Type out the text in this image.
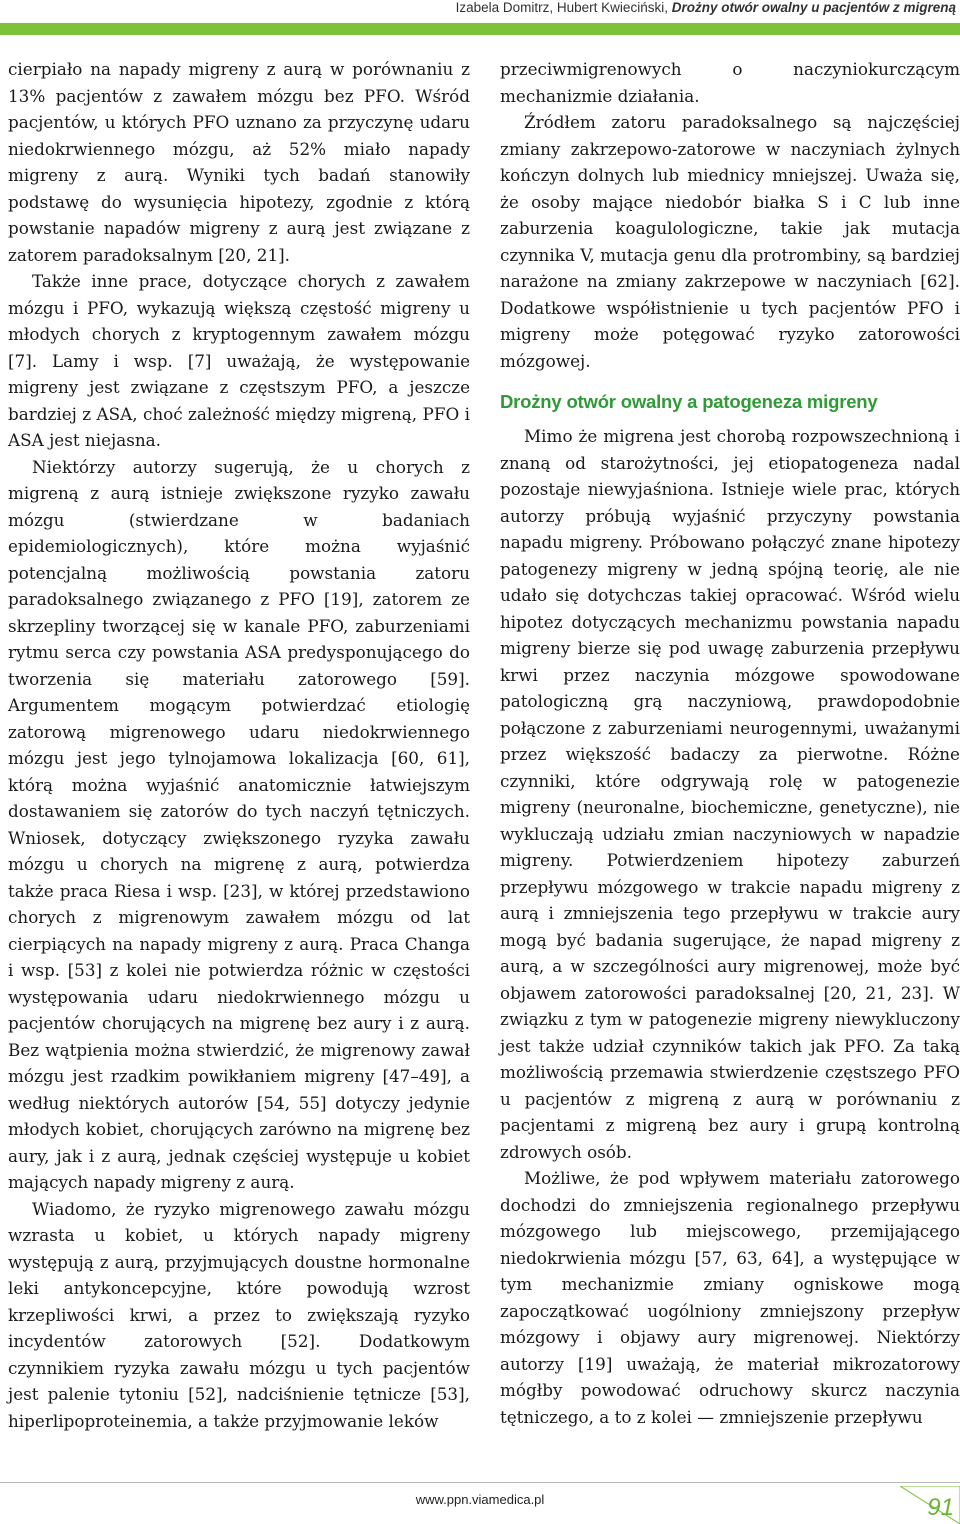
Izabela Domitrz, Hubert Kwieciński, Drożny otwór owalny u pacjentów z migreną

cierpiało na napady migreny z aurą w porównaniu z 13% pacjentów z zawałem mózgu bez PFO. Wśród pacjentów, u których PFO uznano za przyczynę udaru niedokrwiennego mózgu, aż 52% miało napady migreny z aurą. Wyniki tych badań stanowiły podstawę do wysunięcia hipotezy, zgodnie z którą powstanie napadów migreny z aurą jest związane z zatorem paradoksalnym [20, 21].

Także inne prace, dotyczące chorych z zawałem mózgu i PFO, wykazują większą częstość migreny u młodych chorych z kryptogennym zawałem mózgu [7]. Lamy i wsp. [7] uważają, że występowanie migreny jest związane z częstszym PFO, a jeszcze bardziej z ASA, choć zależność między migreną, PFO i ASA jest niejasna.

Niektórzy autorzy sugerują, że u chorych z migreną z aurą istnieje zwiększone ryzyko zawału mózgu (stwierdzane w badaniach epidemiologicznych), które można wyjaśnić potencjalną możliwością powstania zatoru paradoksalnego związanego z PFO [19], zatorem ze skrzepliny tworzącej się w kanale PFO, zaburzeniami rytmu serca czy powstania ASA predysponującego do tworzenia się materiału zatorowego [59]. Argumentem mogącym potwierdzać etiologię zatorową migrenowego udaru niedokrwiennego mózgu jest jego tylnojamowa lokalizacja [60, 61], którą można wyjaśnić anatomicznie łatwiejszym dostawaniem się zatorów do tych naczyń tętniczych. Wniosek, dotyczący zwiększonego ryzyka zawału mózgu u chorych na migrenę z aurą, potwierdza także praca Riesa i wsp. [23], w której przedstawiono chorych z migrenowym zawałem mózgu od lat cierpiących na napady migreny z aurą. Praca Changa i wsp. [53] z kolei nie potwierdza różnic w częstości występowania udaru niedokrwiennego mózgu u pacjentów chorujących na migrenę bez aury i z aurą. Bez wątpienia można stwierdzić, że migrenowy zawał mózgu jest rzadkim powikłaniem migreny [47–49], a według niektórych autorów [54, 55] dotyczy jedynie młodych kobiet, chorujących zarówno na migrenę bez aury, jak i z aurą, jednak częściej występuje u kobiet mających napady migreny z aurą.

Wiadomo, że ryzyko migrenowego zawału mózgu wzrasta u kobiet, u których napady migreny występują z aurą, przyjmujących doustne hormonalne leki antykoncepcyjne, które powodują wzrost krzepliwości krwi, a przez to zwiększają ryzyko incydentów zatorowych [52]. Dodatkowym czynnikiem ryzyka zawału mózgu u tych pacjentów jest palenie tytoniu [52], nadciśnienie tętnicze [53], hiperlipoproteinemia, a także przyjmowanie leków

przeciwmigrenowych o naczyniokurczącym mechanizmie działania.

Źródłem zatoru paradoksalnego są najczęściej zmiany zakrzepowo-zatorowe w naczyniach żylnych kończyn dolnych lub miednicy mniejszej. Uważa się, że osoby mające niedobór białka S i C lub inne zaburzenia koagulologiczne, takie jak mutacja czynnika V, mutacja genu dla protrombiny, są bardziej narażone na zmiany zakrzepowe w naczyniach [62]. Dodatkowe współistnienie u tych pacjentów PFO i migreny może potęgować ryzyko zatorowości mózgowej.

Drożny otwór owalny a patogeneza migreny

Mimo że migrena jest chorobą rozpowszechnioną i znaną od starożytności, jej etiopatogeneza nadal pozostaje niewyjaśniona. Istnieje wiele prac, których autorzy próbują wyjaśnić przyczyny powstania napadu migreny. Próbowano połączyć znane hipotezy patogenezy migreny w jedną spójną teorię, ale nie udało się dotychczas takiej opracować. Wśród wielu hipotez dotyczących mechanizmu powstania napadu migreny bierze się pod uwagę zaburzenia przepływu krwi przez naczynia mózgowe spowodowane patologiczną grą naczyniową, prawdopodobnie połączone z zaburzeniami neurogennymi, uważanymi przez większość badaczy za pierwotne. Różne czynniki, które odgrywają rolę w patogenezie migreny (neuronalne, biochemiczne, genetyczne), nie wykluczają udziału zmian naczyniowych w napadzie migreny. Potwierdzeniem hipotezy zaburzeń przepływu mózgowego w trakcie napadu migreny z aurą i zmniejszenia tego przepływu w trakcie aury mogą być badania sugerujące, że napad migreny z aurą, a w szczególności aury migrenowej, może być objawem zatorowości paradoksalnej [20, 21, 23]. W związku z tym w patogenezie migreny niewykluczony jest także udział czynników takich jak PFO. Za taką możliwością przemawia stwierdzenie częstszego PFO u pacjentów z migreną z aurą w porównaniu z pacjentami z migreną bez aury i grupą kontrolną zdrowych osób.

Możliwe, że pod wpływem materiału zatorowego dochodzi do zmniejszenia regionalnego przepływu mózgowego lub miejscowego, przemijającego niedokrwienia mózgu [57, 63, 64], a występujące w tym mechanizmie zmiany ogniskowe mogą zapoczątkować uogólniony zmniejszony przepływ mózgowy i objawy aury migrenowej. Niektórzy autorzy [19] uważają, że materiał mikrozatorowy mógłby powodować odruchowy skurcz naczynia tętniczego, a to z kolei — zmniejszenie przepływu

www.ppn.viamedica.pl	91
